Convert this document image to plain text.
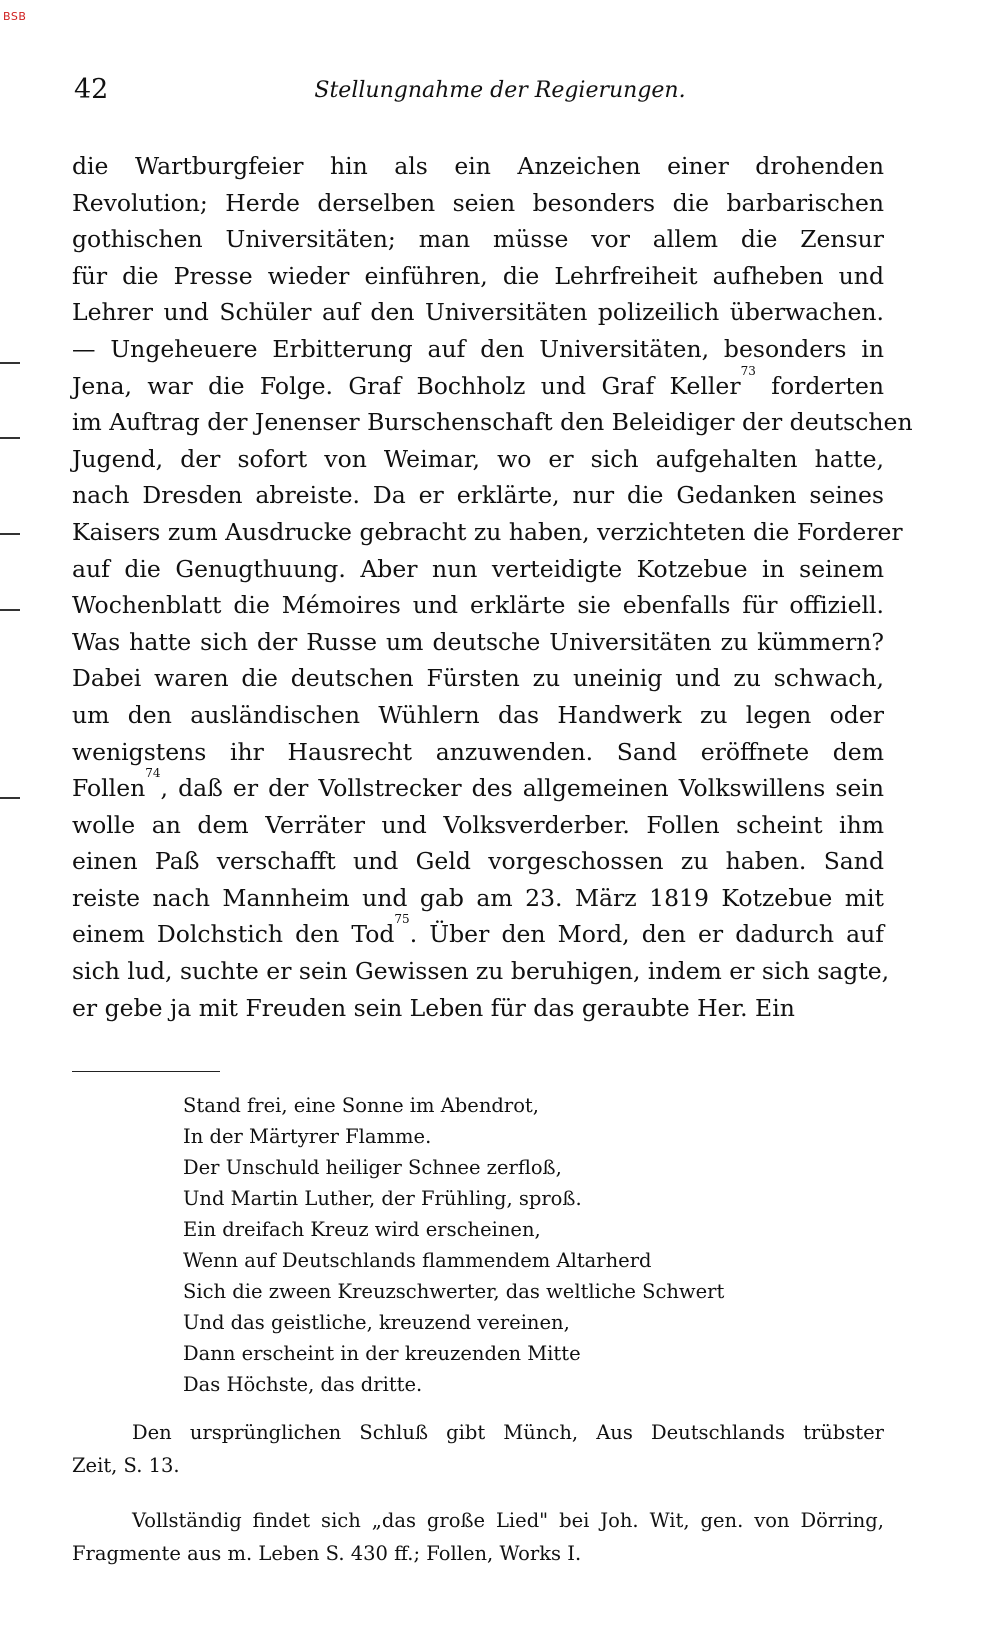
BSB
42	Stellungnahme der Regierungen.
die Wartburgfeier hin als ein Anzeichen einer drohenden
Revolution; Herde derselben seien besonders die barbarischen
gothischen Universitäten; man müsse vor allem die Zensur
für die Presse wieder einführen, die Lehrfreiheit aufheben und
Lehrer und Schüler auf den Universitäten polizeilich überwachen.
— Ungeheuere Erbitterung auf den Universitäten, besonders in
Jena, war die Folge. Graf Bochholz und Graf Keller$^{73}$ forderten
im Auftrag der Jenenser Burschenschaft den Beleidiger der deutschen
Jugend, der sofort von Weimar, wo er sich aufgehalten hatte,
nach Dresden abreiste. Da er erklärte, nur die Gedanken seines
Kaisers zum Ausdrucke gebracht zu haben, verzichteten die Forderer
auf die Genugthuung. Aber nun verteidigte Kotzebue in seinem
Wochenblatt die Mémoires und erklärte sie ebenfalls für offiziell.
Was hatte sich der Russe um deutsche Universitäten zu kümmern?
Dabei waren die deutschen Fürsten zu uneinig und zu schwach,
um den ausländischen Wühlern das Handwerk zu legen oder
wenigstens ihr Hausrecht anzuwenden. Sand eröffnete dem
Follen$^{74}$, daß er der Vollstrecker des allgemeinen Volkswillens sein
wolle an dem Verräter und Volksverderber. Follen scheint ihm
einen Paß verschafft und Geld vorgeschossen zu haben. Sand
reiste nach Mannheim und gab am 23. März 1819 Kotzebue mit
einem Dolchstich den Tod$^{75}$. Über den Mord, den er dadurch auf
sich lud, suchte er sein Gewissen zu beruhigen, indem er sich sagte,
er gebe ja mit Freuden sein Leben für das geraubte Her. Ein
Stand frei, eine Sonne im Abendrot,
In der Märtyrer Flamme.
Der Unschuld heiliger Schnee zerfloß,
Und Martin Luther, der Frühling, sproß.
Ein dreifach Kreuz wird erscheinen,
Wenn auf Deutschlands flammendem Altarherd
Sich die zween Kreuzschwerter, das weltliche Schwert
Und das geistliche, kreuzend vereinen,
Dann erscheint in der kreuzenden Mitte
Das Höchste, das dritte.
Den ursprünglichen Schluß gibt Münch, Aus Deutschlands trübster
Zeit, S. 13.
Vollständig findet sich „das große Lied" bei Joh. Wit, gen. von Dörring,
Fragmente aus m. Leben S. 430 ff.; Follen, Works I.
